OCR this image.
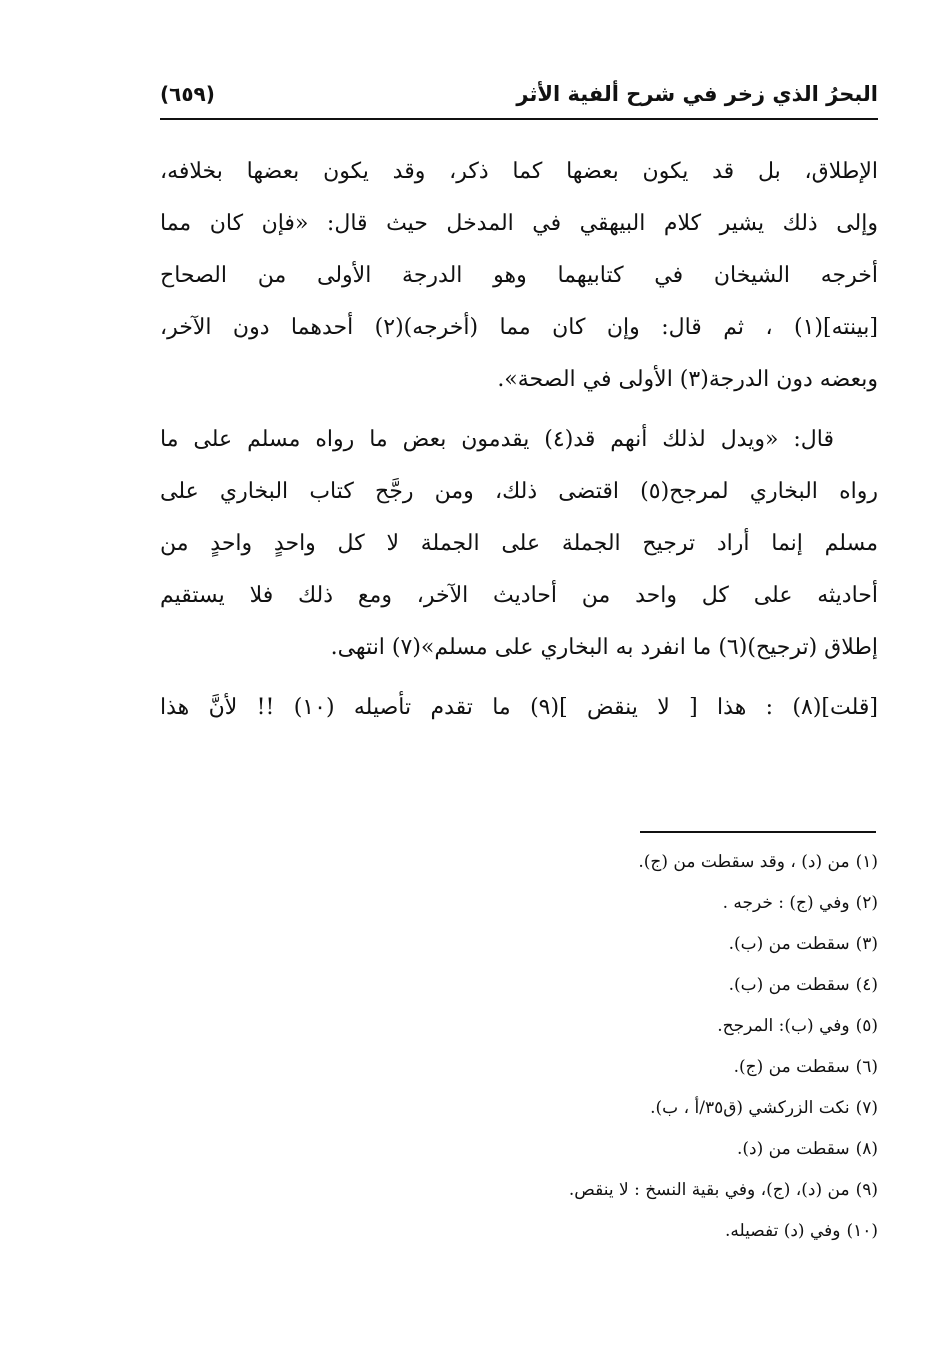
البحرُ الذي زخر في شرح ألفية الأثر
(٦٥٩)
الإطلاق، بل قد يكون بعضها كما ذكر، وقد يكون بعضها بخلافه،
وإلى ذلك يشير كلام البيهقي في المدخل حيث قال: «فإن كان مما
أخرجه الشيخان في كتابيهما وهو الدرجة الأولى من الصحاح
[بينته](١) ، ثم قال: وإن كان مما (أخرجه)(٢) أحدهما دون الآخر،
وبعضه دون الدرجة(٣) الأولى في الصحة».
قال: «ويدل لذلك أنهم قد(٤) يقدمون بعض ما رواه مسلم على ما
رواه البخاري لمرجح(٥) اقتضى ذلك، ومن رجَّح كتاب البخاري على
مسلم إنما أراد ترجيح الجملة على الجملة لا كل واحدٍ واحدٍ من
أحاديثه على كل واحد من أحاديث الآخر، ومع ذلك فلا يستقيم
إطلاق (ترجيح)(٦) ما انفرد به البخاري على مسلم»(٧) انتهى.
[قلت](٨) : هذا [ لا ينقض ](٩) ما تقدم تأصيله (١٠) !! لأنَّ هذا
(١)من (د) ، وقد سقطت من (ج).
(٢)وفي (ج) : خرجه .
(٣)سقطت من (ب).
(٤)سقطت من (ب).
(٥)وفي (ب): المرجح.
(٦)سقطت من (ج).
(٧)نكت الزركشي (ق٣٥/أ ، ب).
(٨)سقطت من (د).
(٩)من (د)، (ج)، وفي بقية النسخ : لا ينقص.
(١٠)وفي (د) تفصيله.
